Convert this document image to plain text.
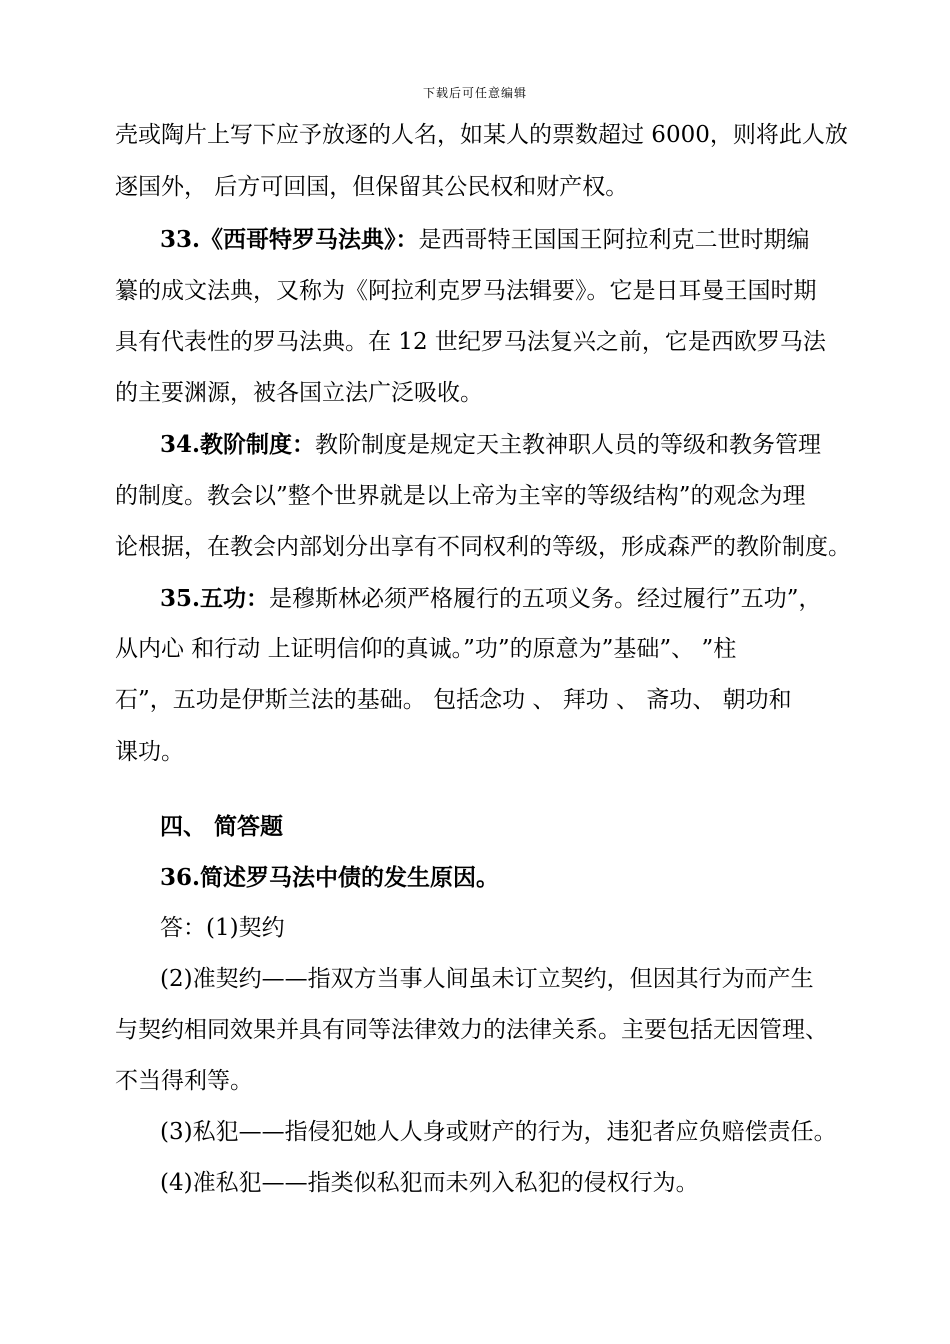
下载后可任意编辑
壳或陶片上写下应予放逐的人名，如某人的票数超过 6000，则将此人放
逐国外， 后方可回国，但保留其公民权和财产权。
33.《西哥特罗马法典》：是西哥特王国国王阿拉利克二世时期编
纂的成文法典，又称为《阿拉利克罗马法辑要》。它是日耳曼王国时期
具有代表性的罗马法典。在 12 世纪罗马法复兴之前，它是西欧罗马法
的主要渊源，被各国立法广泛吸收。
34.教阶制度：教阶制度是规定天主教神职人员的等级和教务管理
的制度。教会以”整个世界就是以上帝为主宰的等级结构”的观念为理
论根据，在教会内部划分出享有不同权利的等级，形成森严的教阶制度。
35.五功：是穆斯林必须严格履行的五项义务。经过履行”五功”，
从内心 和行动 上证明信仰的真诚。”功”的原意为”基础”、 ”柱
石”，五功是伊斯兰法的基础。 包括念功 、 拜功 、 斋功、 朝功和
课功。
四、 简答题
36.简述罗马法中债的发生原因。
答：(1)契约
(2)准契约——指双方当事人间虽未订立契约，但因其行为而产生
与契约相同效果并具有同等法律效力的法律关系。主要包括无因管理、
不当得利等。
(3)私犯——指侵犯她人人身或财产的行为，违犯者应负赔偿责任。
(4)准私犯——指类似私犯而未列入私犯的侵权行为。
